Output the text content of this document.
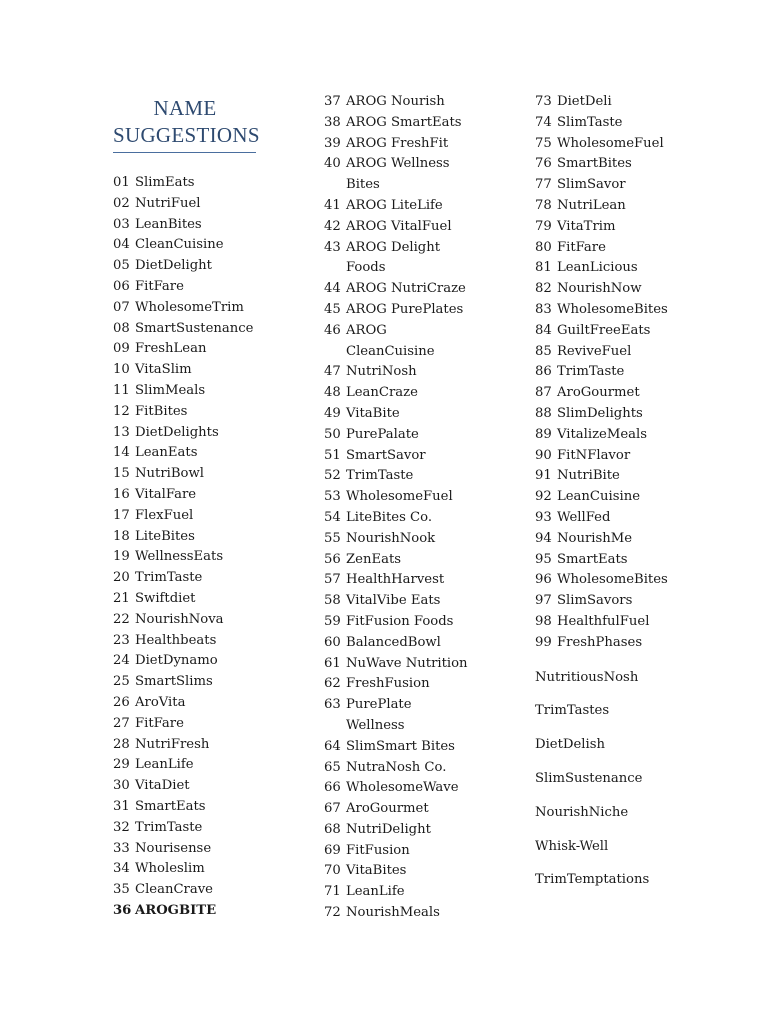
NAME
SUGGESTIONS
01 SlimEats
02 NutriFuel
03 LeanBites
04 CleanCuisine
05 DietDelight
06 FitFare
07 WholesomeTrim
08 SmartSustenance
09 FreshLean
10 VitaSlim
11 SlimMeals
12 FitBites
13 DietDelights
14 LeanEats
15 NutriBowl
16 VitalFare
17 FlexFuel
18 LiteBites
19 WellnessEats
20 TrimTaste
21 Swiftdiet
22 NourishNova
23 Healthbeats
24 DietDynamo
25 SmartSlims
26 AroVita
27 FitFare
28 NutriFresh
29 LeanLife
30 VitaDiet
31 SmartEats
32 TrimTaste
33 Nourisense
34 Wholeslim
35 CleanCrave
36 AROGBITE
37 AROG Nourish
38 AROG SmartEats
39 AROG FreshFit
40 AROG Wellness Bites
41 AROG LiteLife
42 AROG VitalFuel
43 AROG Delight Foods
44 AROG NutriCraze
45 AROG PurePlates
46 AROG CleanCuisine
47 NutriNosh
48 LeanCraze
49 VitaBite
50 PurePalate
51 SmartSavor
52 TrimTaste
53 WholesomeFuel
54 LiteBites Co.
55 NourishNook
56 ZenEats
57 HealthHarvest
58 VitalVibe Eats
59 FitFusion Foods
60 BalancedBowl
61 NuWave Nutrition
62 FreshFusion
63 PurePlate Wellness
64 SlimSmart Bites
65 NutraNosh Co.
66 WholesomeWave
67 AroGourmet
68 NutriDelight
69 FitFusion
70 VitaBites
71 LeanLife
72 NourishMeals
73 DietDeli
74 SlimTaste
75 WholesomeFuel
76 SmartBites
77 SlimSavor
78 NutriLean
79 VitaTrim
80 FitFare
81 LeanLicious
82 NourishNow
83 WholesomeBites
84 GuiltFreeEats
85 ReviveFuel
86 TrimTaste
87 AroGourmet
88 SlimDelights
89 VitalizeMeals
90 FitNFlavor
91 NutriBite
92 LeanCuisine
93 WellFed
94 NourishMe
95 SmartEats
96 WholesomeBites
97 SlimSavors
98 HealthfulFuel
99 FreshPhases
NutritiousNosh
TrimTastes
DietDelish
SlimSustenance
NourishNiche
Whisk-Well
TrimTemptations
